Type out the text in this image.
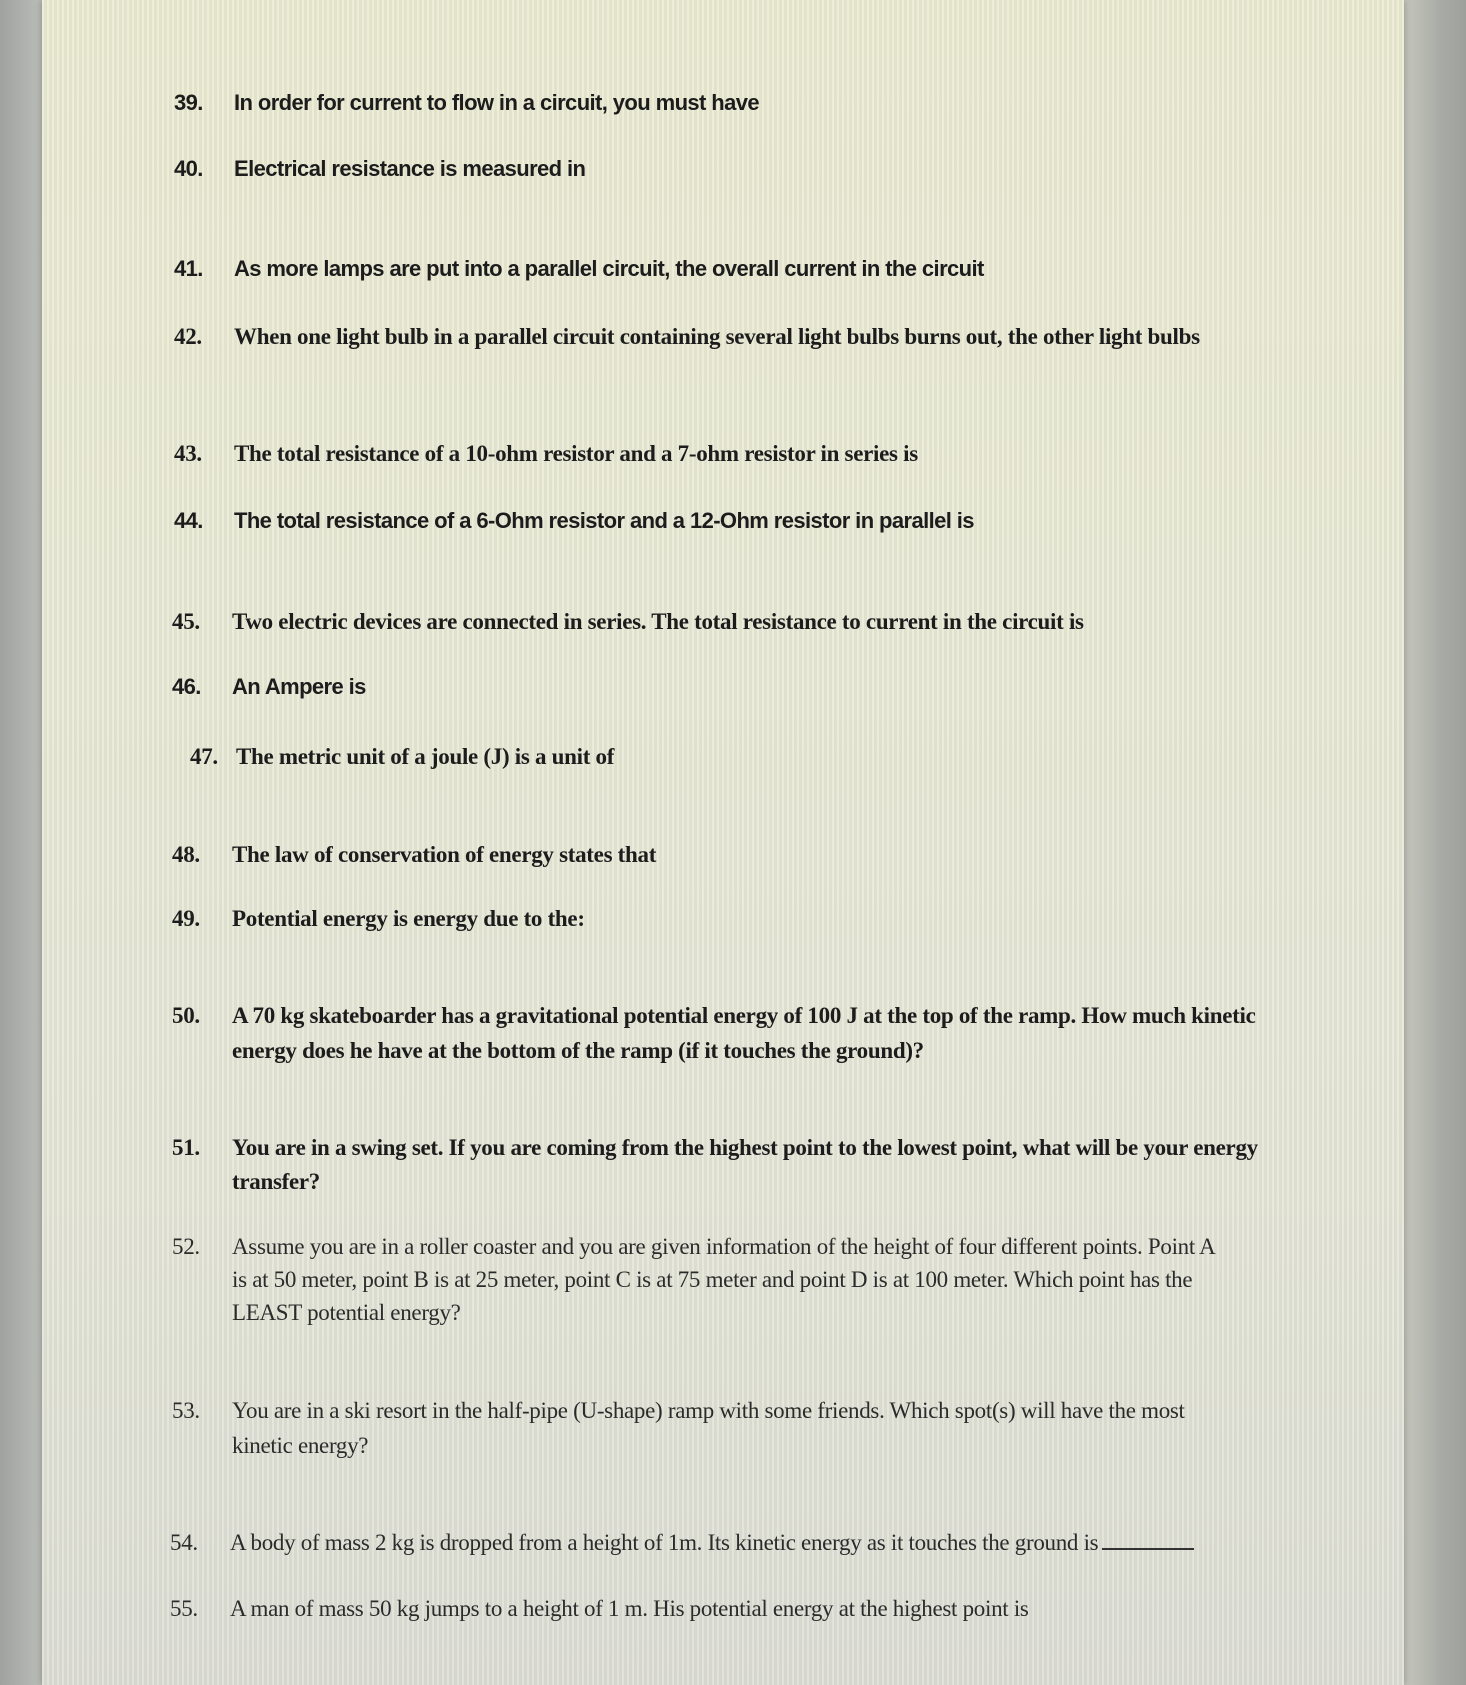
39.	In order for current to flow in a circuit, you must have
40.	Electrical resistance is measured in
41.	As more lamps are put into a parallel circuit, the overall current in the circuit
42.	When one light bulb in a parallel circuit containing several light bulbs burns out, the other light bulbs
43.	The total resistance of a 10-ohm resistor and a 7-ohm resistor in series is
44.	The total resistance of a 6-Ohm resistor and a 12-Ohm resistor in parallel is
45.	Two electric devices are connected in series. The total resistance to current in the circuit is
46.	An Ampere is
47. The metric unit of a joule (J) is a unit of
48.	The law of conservation of energy states that
49.	Potential energy is energy due to the:
50.	A 70 kg skateboarder has a gravitational potential energy of 100 J at the top of the ramp. How much kinetic
energy does he have at the bottom of the ramp (if it touches the ground)?
51.	You are in a swing set. If you are coming from the highest point to the lowest point, what will be your energy
transfer?
52.	Assume you are in a roller coaster and you are given information of the height of four different points. Point A
is at 50 meter, point B is at 25 meter, point C is at 75 meter and point D is at 100 meter. Which point has the
LEAST potential energy?
53.	You are in a ski resort in the half-pipe (U-shape) ramp with some friends. Which spot(s) will have the most
kinetic energy?
54.	A body of mass 2 kg is dropped from a height of 1m. Its kinetic energy as it touches the ground is
55.	A man of mass 50 kg jumps to a height of 1 m. His potential energy at the highest point is
